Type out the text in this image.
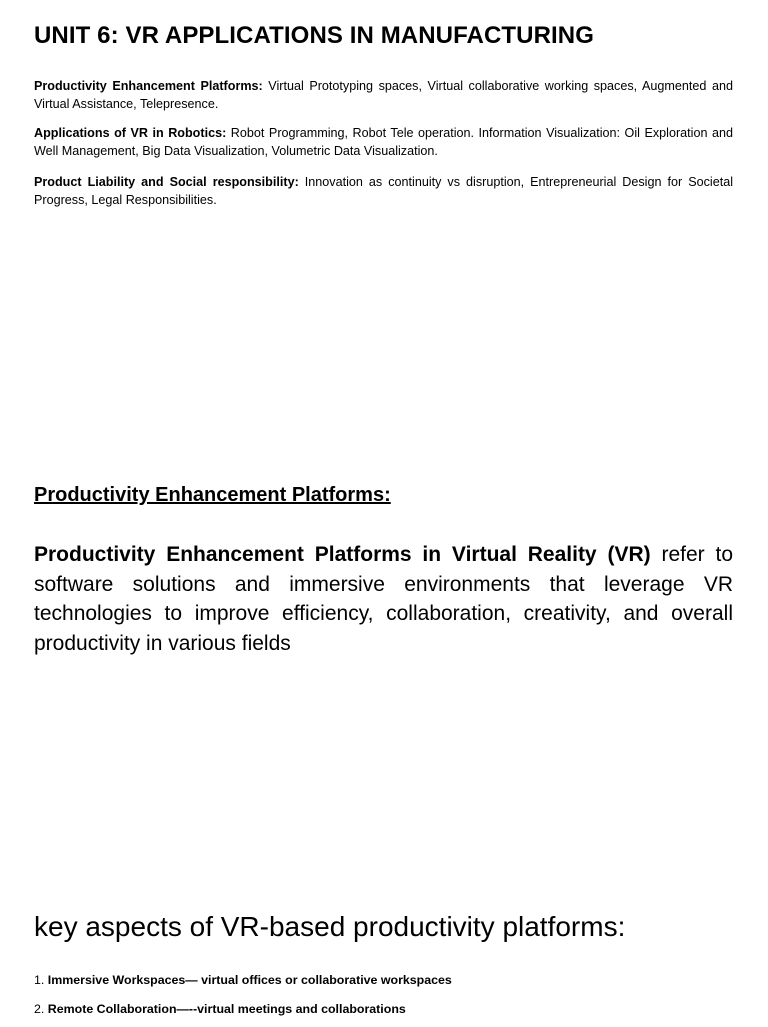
UNIT 6: VR APPLICATIONS IN MANUFACTURING

Productivity Enhancement Platforms: Virtual Prototyping spaces, Virtual collaborative working spaces, Augmented and Virtual Assistance, Telepresence.

Applications of VR in Robotics: Robot Programming, Robot Tele operation. Information Visualization: Oil Exploration and Well Management, Big Data Visualization, Volumetric Data Visualization.

Product Liability and Social responsibility: Innovation as continuity vs disruption, Entrepreneurial Design for Societal Progress, Legal Responsibilities.

Productivity Enhancement Platforms:

Productivity Enhancement Platforms in Virtual Reality (VR) refer to software solutions and immersive environments that leverage VR technologies to improve efficiency, collaboration, creativity, and overall productivity in various fields

key aspects of VR-based productivity platforms:
1. Immersive Workspaces— virtual offices or collaborative workspaces
2. Remote Collaboration—--virtual meetings and collaborations
